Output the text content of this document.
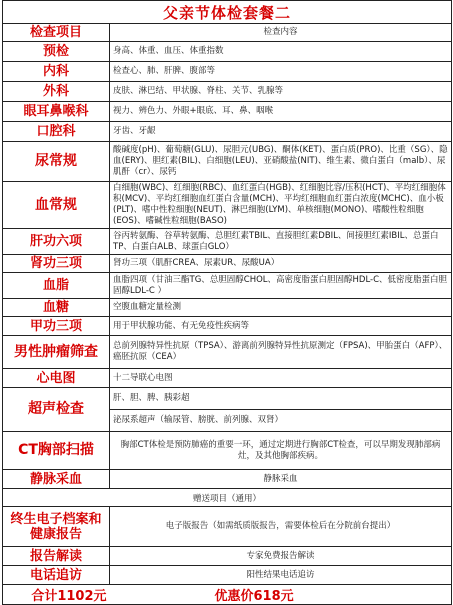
父亲节体检套餐二	
检查项目	检查内容
预检	身高、体重、血压、体重指数
内科	检查心、肺、肝脾、腹部等
外科	皮肤、淋巴结、甲状腺、脊柱、关节、乳腺等
眼耳鼻喉科	视力、辨色力、外眼+眼底、耳、鼻、咽喉
口腔科	牙齿、牙龈
尿常规	酸碱度(pH)、葡萄糖(GLU)、尿胆元(UBG)、酮体(KET)、蛋白质(PRO)、比重（SG）、隐血(ERY)、胆红素(BIL)、白细胞(LEU)、亚硝酸盐(NIT)、维生素、微白蛋白（malb）、尿肌酐（cr）、尿钙
血常规	白细胞(WBC)、红细胞(RBC)、血红蛋白(HGB)、红细胞比容/压积(HCT)、平均红细胞体积(MCV)、平均红细胞血红蛋白含量(MCH)、平均红细胞血红蛋白浓度(MCHC)、血小板(PLT)、嗜中性粒细胞(NEUT)、淋巴细胞(LYM)、单核细胞(MONO)、嗜酸性粒细胞(EOS)、嗜碱性粒细胞(BASO)
肝功六项	谷丙转氨酶、谷草转氨酶、总胆红素TBIL、直接胆红素DBIL、间接胆红素IBIL、总蛋白TP、白蛋白ALB、球蛋白GLO）
肾功三项	肾功三项（肌酐CREA、尿素UR、尿酸UA）
血脂	血脂四项（甘油三酯TG、总胆固醇CHOL、高密度脂蛋白胆固醇HDL-C、低密度脂蛋白胆固醇LDL-C ）
血糖	空腹血糖定量检测
甲功三项	用于甲状腺功能、有无免疫性疾病等
男性肿瘤筛查	总前列腺特异性抗原（TPSA）、游离前列腺特异性抗原测定（FPSA)、甲胎蛋白（AFP）、癌胚抗原（CEA）
心电图	十二导联心电图
超声检查	肝、胆、脾、胰彩超
	泌尿系超声（输尿管、膀胱、前列腺、双肾）
CT胸部扫描	胸部CT体检是预防肺癌的重要一环，通过定期进行胸部CT检查，可以早期发现肺部病灶，及其他胸部疾病。
静脉采血	静脉采血
赠送项目（通用）	
终生电子档案和健康报告	电子版报告（如需纸质版报告，需要体检后在分院前台提出）
报告解读	专家免费报告解读
电话追访	阳性结果电话追访
合计1102元	优惠价618元
